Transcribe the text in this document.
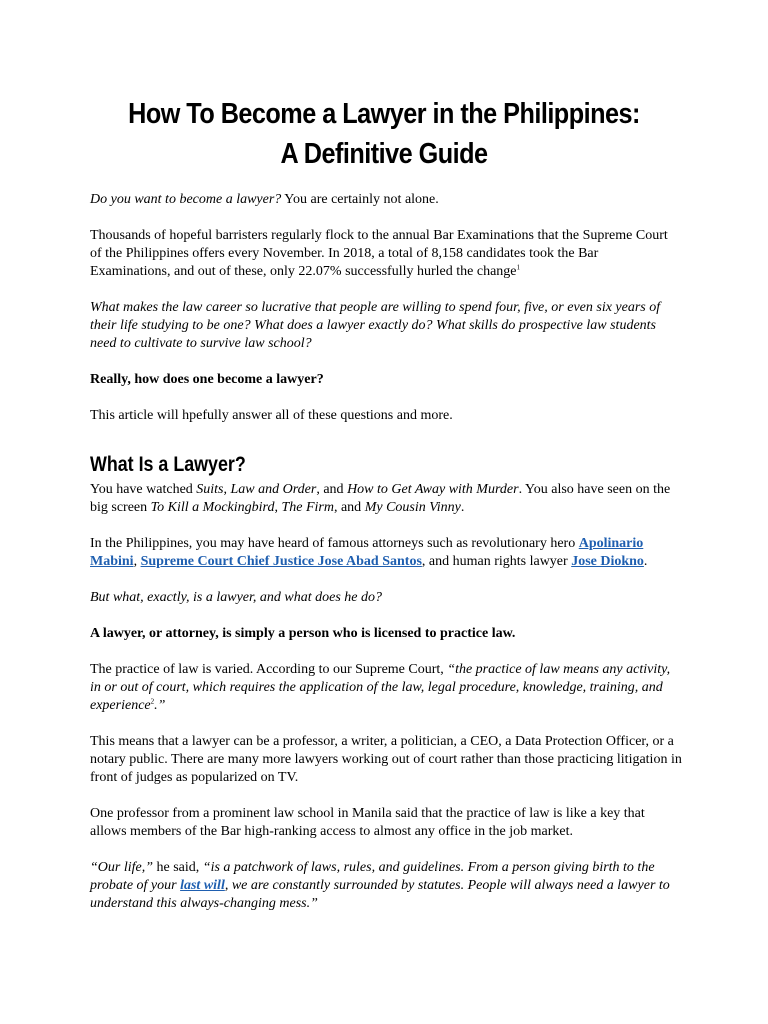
How To Become a Lawyer in the Philippines:
A Definitive Guide

Do you want to become a lawyer? You are certainly not alone.

Thousands of hopeful barristers regularly flock to the annual Bar Examinations that the Supreme Court of the Philippines offers every November. In 2018, a total of 8,158 candidates took the Bar Examinations, and out of these, only 22.07% successfully hurled the change$^1$

What makes the law career so lucrative that people are willing to spend four, five, or even six years of their life studying to be one? What does a lawyer exactly do? What skills do prospective law students need to cultivate to survive law school?

Really, how does one become a lawyer?

This article will hpefully answer all of these questions and more.

What Is a Lawyer?

You have watched Suits, Law and Order, and How to Get Away with Murder. You also have seen on the big screen To Kill a Mockingbird, The Firm, and My Cousin Vinny.

In the Philippines, you may have heard of famous attorneys such as revolutionary hero Apolinario Mabini, Supreme Court Chief Justice Jose Abad Santos, and human rights lawyer Jose Diokno.

But what, exactly, is a lawyer, and what does he do?

A lawyer, or attorney, is simply a person who is licensed to practice law.

The practice of law is varied. According to our Supreme Court, “the practice of law means any activity, in or out of court, which requires the application of the law, legal procedure, knowledge, training, and experience$^2$.”

This means that a lawyer can be a professor, a writer, a politician, a CEO, a Data Protection Officer, or a notary public. There are many more lawyers working out of court rather than those practicing litigation in front of judges as popularized on TV.

One professor from a prominent law school in Manila said that the practice of law is like a key that allows members of the Bar high-ranking access to almost any office in the job market.

“Our life,” he said, “is a patchwork of laws, rules, and guidelines. From a person giving birth to the probate of your last will, we are constantly surrounded by statutes. People will always need a lawyer to understand this always-changing mess.”
